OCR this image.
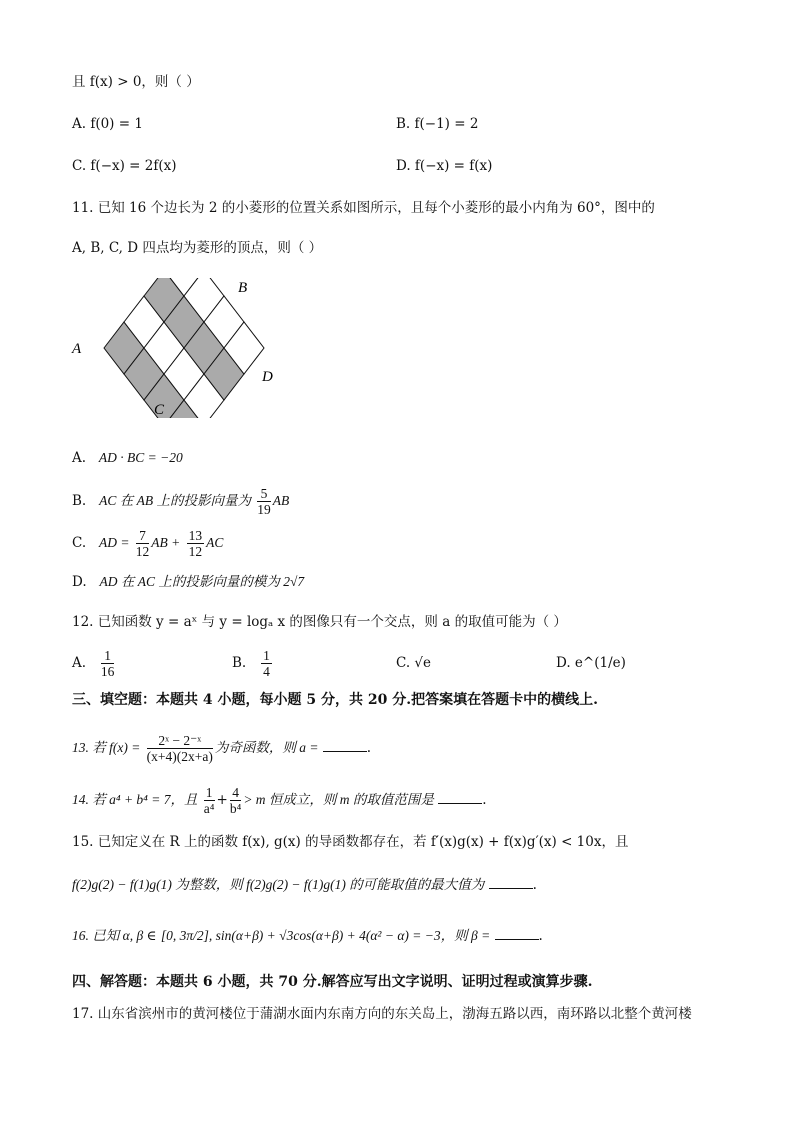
且 f(x) > 0，则（ ）
A. f(0) = 1	B. f(−1) = 2
C. f(−x) = 2f(x)	D. f(−x) = f(x)
11. 已知 16 个边长为 2 的小菱形的位置关系如图所示，且每个小菱形的最小内角为 60°，图中的
A, B, C, D 四点均为菱形的顶点，则（ ）
A
B
C
D
A. AD · BC = −20
B. AC 在 AB 上的投影向量为 $\frac{5}{19}$ AB
C. AD = $\frac{7}{12}$ AB + $\frac{13}{12}$ AC
D. AD 在 AC 上的投影向量的模为 2√7
12. 已知函数 y = aˣ 与 y = logₐ x 的图像只有一个交点，则 a 的取值可能为（ ）
A. $\frac{1}{16}$	B. $\frac{1}{4}$	C. √e	D. e^(1/e)
三、填空题：本题共 4 小题，每小题 5 分，共 20 分.把答案填在答题卡中的横线上.
13. 若 $f(x) = \frac{\text{2ˣ − 2⁻ˣ}}{(x+4)(2x+a)}$ 为奇函数，则 a =	.
14. 若 a⁴ + b⁴ = 7，且 $\frac{1}{\text{a⁴}} + \frac{4}{\text{b⁴}} > m$ 恒成立，则 m 的取值范围是	.
15. 已知定义在 R 上的函数 f(x), g(x) 的导函数都存在，若 f′(x)g(x) + f(x)g′(x) < 10x，且
f(2)g(2) − f(1)g(1) 为整数，则 f(2)g(2) − f(1)g(1) 的可能取值的最大值为	.
16. 已知 α, β ∈ [0, 3π/2], sin(α+β) + √3cos(α+β) + 4(α² − α) = −3，则 β =	.
四、解答题：本题共 6 小题，共 70 分.解答应写出文字说明、证明过程或演算步骤.
17. 山东省滨州市的黄河楼位于蒲湖水面内东南方向的东关岛上，渤海五路以西，南环路以北整个黄河楼
